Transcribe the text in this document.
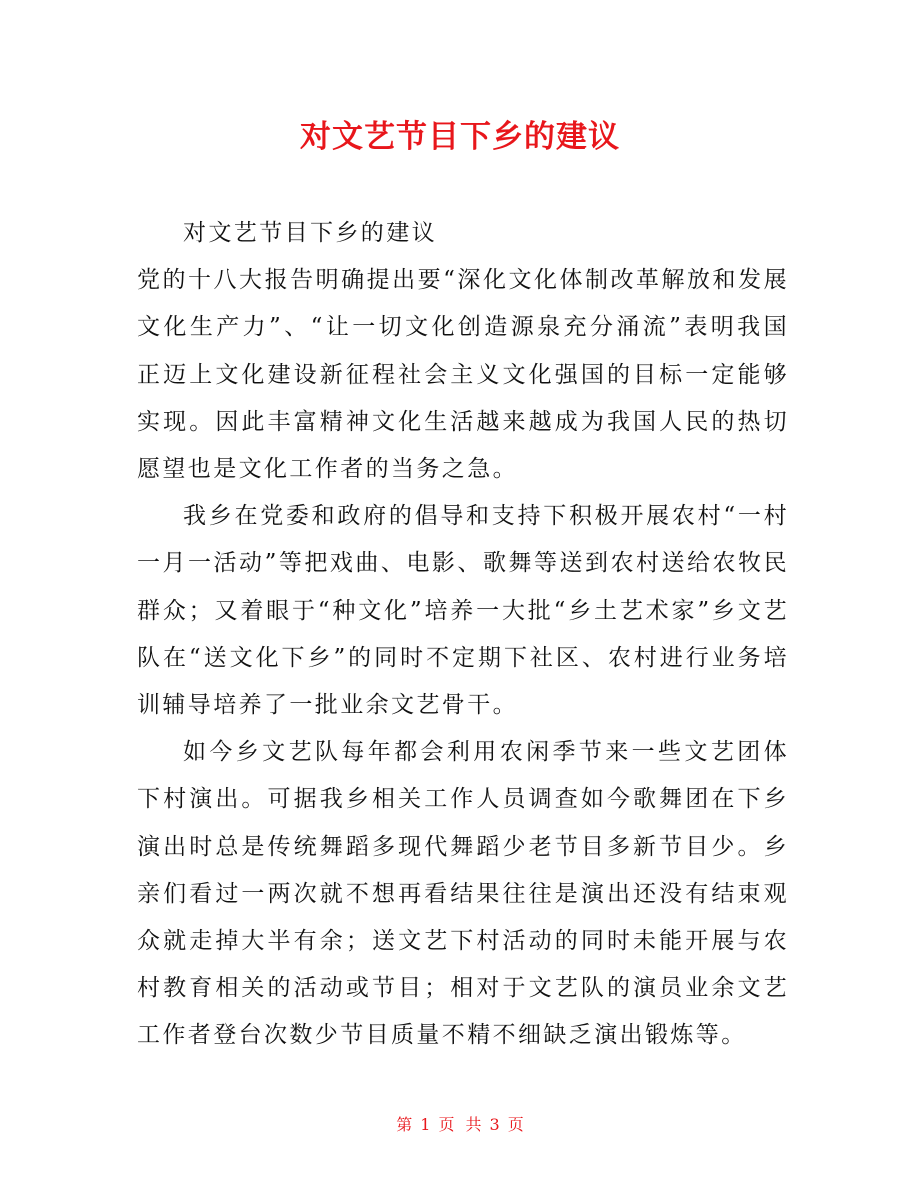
对文艺节目下乡的建议

对文艺节目下乡的建议

党的十八大报告明确提出要“深化文化体制改革解放和发展文化生产力”、“让一切文化创造源泉充分涌流”表明我国正迈上文化建设新征程社会主义文化强国的目标一定能够实现。因此丰富精神文化生活越来越成为我国人民的热切愿望也是文化工作者的当务之急。

我乡在党委和政府的倡导和支持下积极开展农村“一村一月一活动”等把戏曲、电影、歌舞等送到农村送给农牧民群众；又着眼于“种文化”培养一大批“乡土艺术家”乡文艺队在“送文化下乡”的同时不定期下社区、农村进行业务培训辅导培养了一批业余文艺骨干。

如今乡文艺队每年都会利用农闲季节来一些文艺团体下村演出。可据我乡相关工作人员调查如今歌舞团在下乡演出时总是传统舞蹈多现代舞蹈少老节目多新节目少。乡亲们看过一两次就不想再看结果往往是演出还没有结束观众就走掉大半有余；送文艺下村活动的同时未能开展与农村教育相关的活动或节目；相对于文艺队的演员业余文艺工作者登台次数少节目质量不精不细缺乏演出锻炼等。

第 1 页 共 3 页
